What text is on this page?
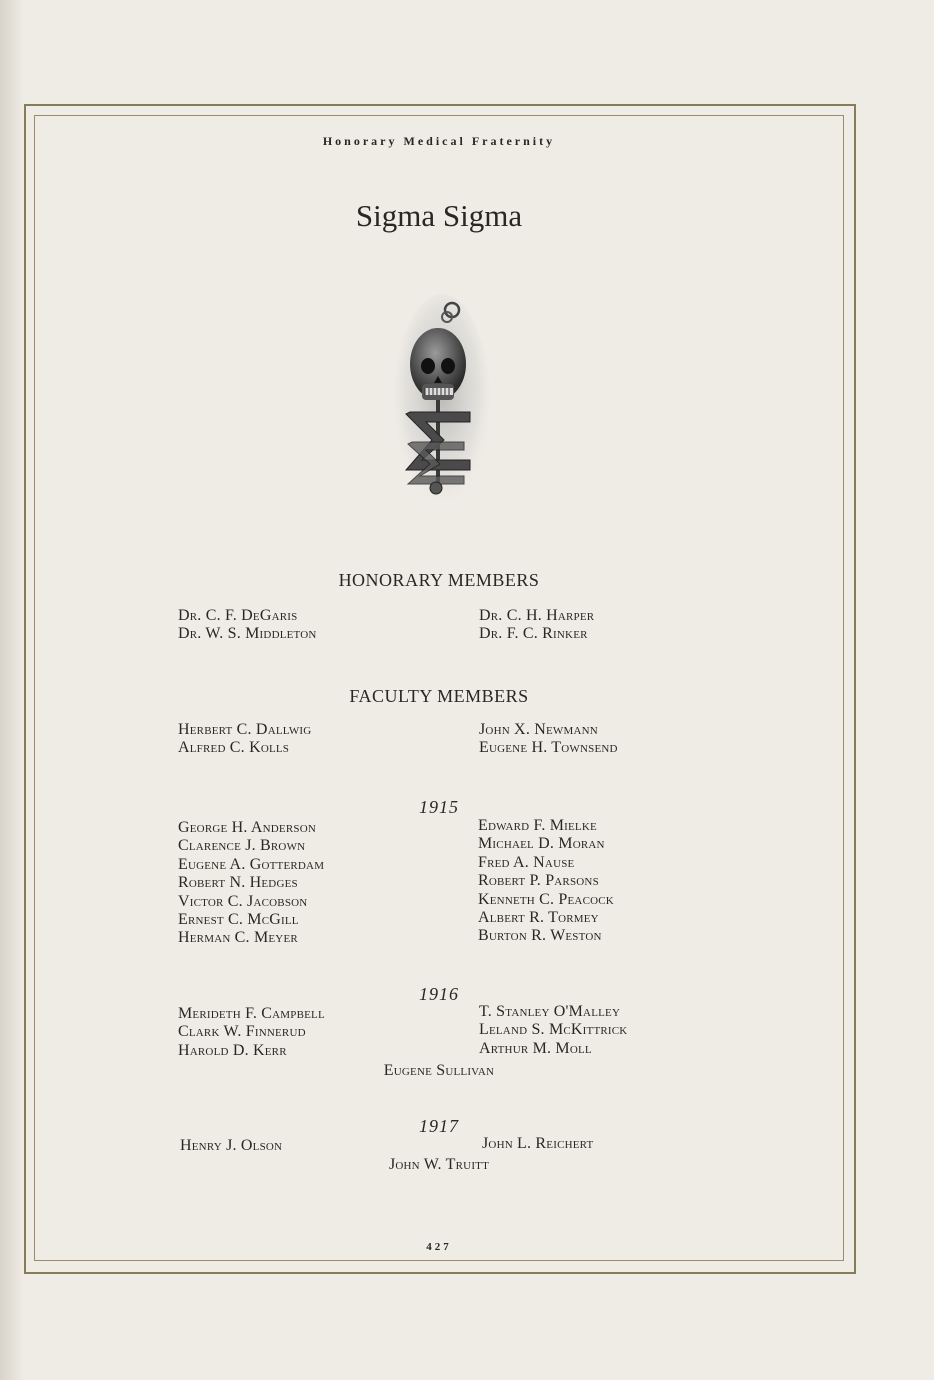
Honorary Medical Fraternity
Sigma Sigma
HONORARY MEMBERS
Dr. C. F. DeGaris
Dr. W. S. Middleton
Dr. C. H. Harper
Dr. F. C. Rinker
FACULTY MEMBERS
Herbert C. Dallwig
Alfred C. Kolls
John X. Newmann
Eugene H. Townsend
1915
George H. Anderson
Clarence J. Brown
Eugene A. Gotterdam
Robert N. Hedges
Victor C. Jacobson
Ernest C. McGill
Herman C. Meyer
Edward F. Mielke
Michael D. Moran
Fred A. Nause
Robert P. Parsons
Kenneth C. Peacock
Albert R. Tormey
Burton R. Weston
1916
Merideth F. Campbell
Clark W. Finnerud
Harold D. Kerr
T. Stanley O'Malley
Leland S. McKittrick
Arthur M. Moll
Eugene Sullivan
1917
Henry J. Olson	John L. Reichert
John W. Truitt
427
